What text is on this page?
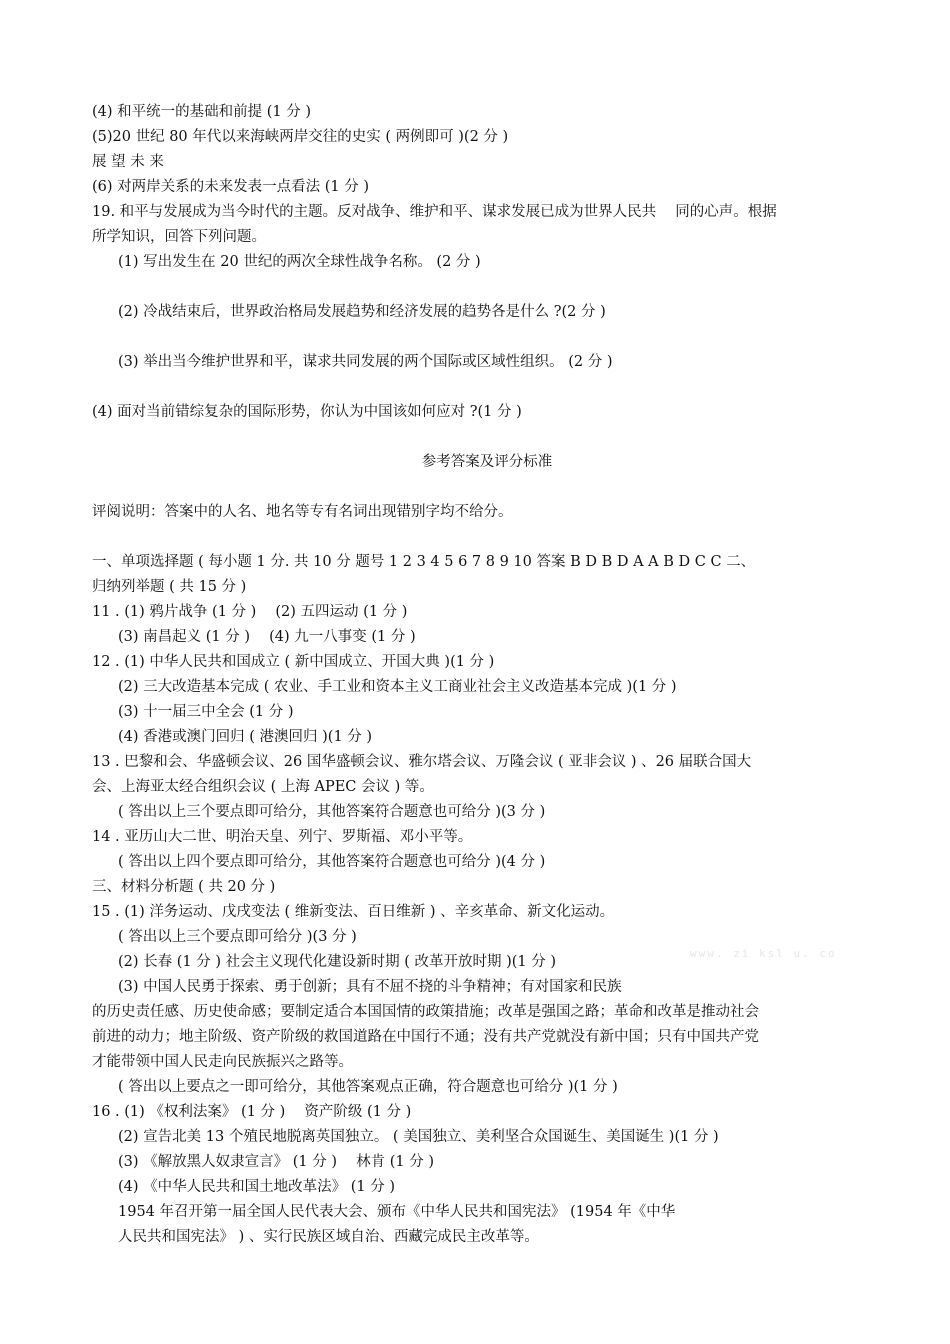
(4) 和平统一的基础和前提 (1 分 )
(5)20 世纪 80 年代以来海峡两岸交往的史实 ( 两例即可 )(2 分 )
展 望 未 来
(6) 对两岸关系的未来发表一点看法 (1 分 )
19. 和平与发展成为当今时代的主题。反对战争、维护和平、谋求发展已成为世界人民共　 同的心声。根据
所学知识，回答下列问题。
(1) 写出发生在 20 世纪的两次全球性战争名称。 (2 分 )
(2) 冷战结束后，世界政治格局发展趋势和经济发展的趋势各是什么 ?(2 分 )
(3) 举出当今维护世界和平，谋求共同发展的两个国际或区域性组织。 (2 分 )
(4) 面对当前错综复杂的国际形势，你认为中国该如何应对 ?(1 分 )
参考答案及评分标准
评阅说明：答案中的人名、地名等专有名词出现错别字均不给分。
一、单项选择题 ( 每小题 1 分. 共 10 分 题号 1 2 3 4 5 6 7 8 9 10 答案 B D B D A A B D C C 二、
归纳列举题 ( 共 15 分 )
11 . (1) 鸦片战争 (1 分 )　 (2) 五四运动 (1 分 )
(3) 南昌起义 (1 分 )　 (4) 九一八事变 (1 分 )
12 . (1) 中华人民共和国成立 ( 新中国成立、开国大典 )(1 分 )
(2) 三大改造基本完成 ( 农业、手工业和资本主义工商业社会主义改造基本完成 )(1 分 )
(3) 十一届三中全会 (1 分 )
(4) 香港或澳门回归 ( 港澳回归 )(1 分 )
13 . 巴黎和会、华盛顿会议、26 国华盛顿会议、雅尔塔会议、万隆会议 ( 亚非会议 ) 、26 届联合国大
会、上海亚太经合组织会议 ( 上海 APEC 会议 ) 等。
( 答出以上三个要点即可给分，其他答案符合题意也可给分 )(3 分 )
14 . 亚历山大二世、明治天皇、列宁、罗斯福、邓小平等。
( 答出以上四个要点即可给分，其他答案符合题意也可给分 )(4 分 )
三、材料分析题 ( 共 20 分 )
15 . (1) 洋务运动、戊戌变法 ( 维新变法、百日维新 ) 、辛亥革命、新文化运动。
( 答出以上三个要点即可给分 )(3 分 )
(2) 长春 (1 分 ) 社会主义现代化建设新时期 ( 改革开放时期 )(1 分 )
(3) 中国人民勇于探索、勇于创新；具有不屈不挠的斗争精神；有对国家和民族
的历史责任感、历史使命感；要制定适合本国国情的政策措施；改革是强国之路；革命和改革是推动社会
前进的动力；地主阶级、资产阶级的救国道路在中国行不通；没有共产党就没有新中国；只有中国共产党
才能带领中国人民走向民族振兴之路等。
( 答出以上要点之一即可给分，其他答案观点正确，符合题意也可给分 )(1 分 )
16 . (1) 《权利法案》 (1 分 )　 资产阶级 (1 分 )
(2) 宣告北美 13 个殖民地脱离英国独立。 ( 美国独立、美利坚合众国诞生、美国诞生 )(1 分 )
(3) 《解放黑人奴隶宣言》 (1 分 )　 林肯 (1 分 )
(4) 《中华人民共和国土地改革法》 (1 分 )
1954 年召开第一届全国人民代表大会、颁布《中华人民共和国宪法》 (1954 年《中华
人民共和国宪法》 ) 、实行民族区域自治、西藏完成民主改革等。
www. zi ksl u. co
